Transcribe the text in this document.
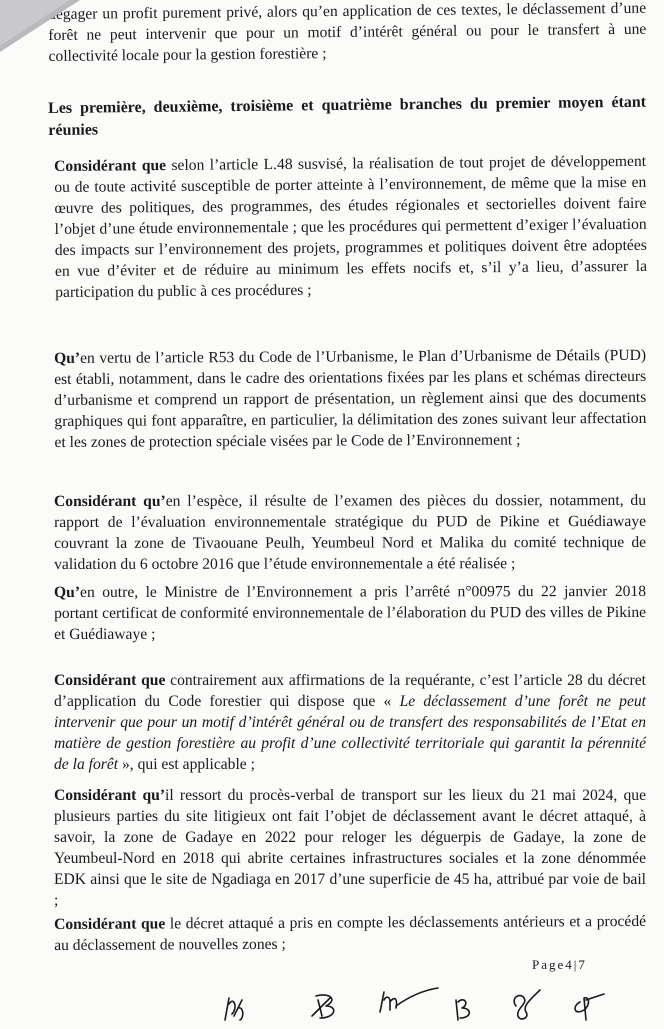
dégager un profit purement privé, alors qu’en application de ces textes, le déclassement d’une forêt ne peut intervenir que pour un motif d’intérêt général ou pour le transfert à une collectivité locale pour la gestion forestière ;

Les première, deuxième, troisième et quatrième branches du premier moyen étant réunies

Considérant que selon l’article L.48 susvisé, la réalisation de tout projet de développement ou de toute activité susceptible de porter atteinte à l’environnement, de même que la mise en œuvre des politiques, des programmes, des études régionales et sectorielles doivent faire l’objet d’une étude environnementale ; que les procédures qui permettent d’exiger l’évaluation des impacts sur l’environnement des projets, programmes et politiques doivent être adoptées en vue d’éviter et de réduire au minimum les effets nocifs et, s’il y’a lieu, d’assurer la participation du public à ces procédures ;

Qu’en vertu de l’article R53 du Code de l’Urbanisme, le Plan d’Urbanisme de Détails (PUD) est établi, notamment, dans le cadre des orientations fixées par les plans et schémas directeurs d’urbanisme et comprend un rapport de présentation, un règlement ainsi que des documents graphiques qui font apparaître, en particulier, la délimitation des zones suivant leur affectation et les zones de protection spéciale visées par le Code de l’Environnement ;

Considérant qu’en l’espèce, il résulte de l’examen des pièces du dossier, notamment, du rapport de l’évaluation environnementale stratégique du PUD de Pikine et Guédiawaye couvrant la zone de Tivaouane Peulh, Yeumbeul Nord et Malika du comité technique de validation du 6 octobre 2016 que l’étude environnementale a été réalisée ;

Qu’en outre, le Ministre de l’Environnement a pris l’arrêté n°00975 du 22 janvier 2018 portant certificat de conformité environnementale de l’élaboration du PUD des villes de Pikine et Guédiawaye ;

Considérant que contrairement aux affirmations de la requérante, c’est l’article 28 du décret d’application du Code forestier qui dispose que « Le déclassement d’une forêt ne peut intervenir que pour un motif d’intérêt général ou de transfert des responsabilités de l’Etat en matière de gestion forestière au profit d’une collectivité territoriale qui garantit la pérennité de la forêt », qui est applicable ;

Considérant qu’il ressort du procès-verbal de transport sur les lieux du 21 mai 2024, que plusieurs parties du site litigieux ont fait l’objet de déclassement avant le décret attaqué, à savoir, la zone de Gadaye en 2022 pour reloger les déguerpis de Gadaye, la zone de Yeumbeul-Nord en 2018 qui abrite certaines infrastructures sociales et la zone dénommée EDK ainsi que le site de Ngadiaga en 2017 d’une superficie de 45 ha, attribué par voie de bail ;

Considérant que le décret attaqué a pris en compte les déclassements antérieurs et a procédé au déclassement de nouvelles zones ;

Page4|7
